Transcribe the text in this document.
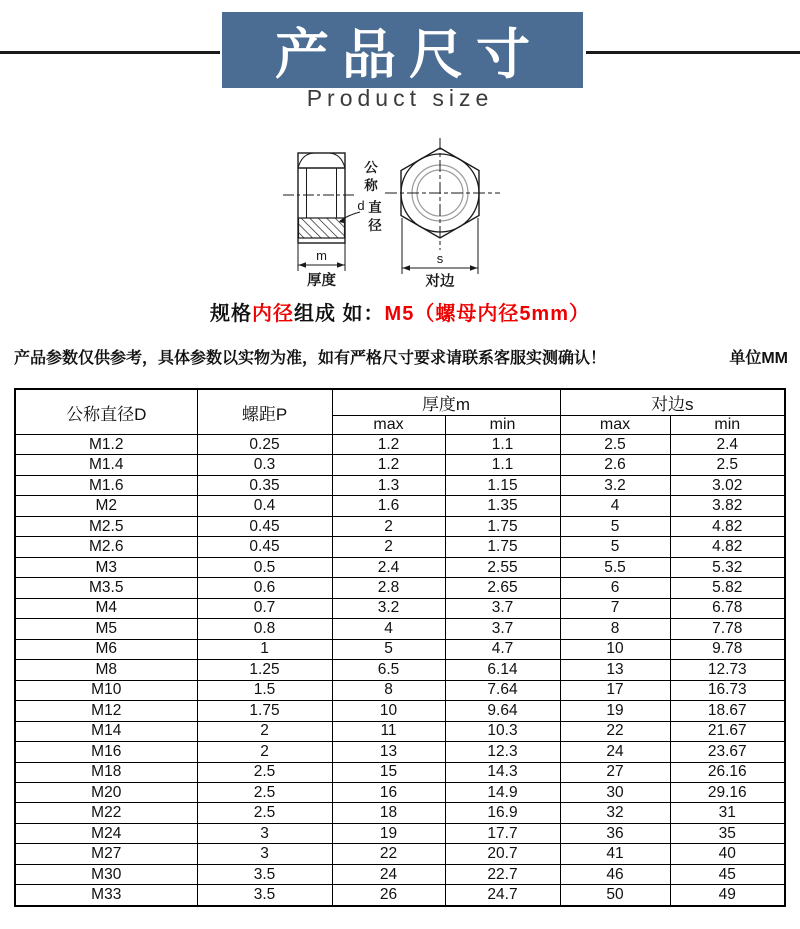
产品尺寸
Product size
m
厚度
d
公
称
直
径
s
对边
规格内径组成 如：M5（螺母内径5mm）
产品参数仅供参考，具体参数以实物为准，如有严格尺寸要求请联系客服实测确认！	单位MM
公称直径D	螺距P	厚度m		对边s	
		max	min	max	min
M1.2	0.25	1.2	1.1	2.5	2.4
M1.4	0.3	1.2	1.1	2.6	2.5
M1.6	0.35	1.3	1.15	3.2	3.02
M2	0.4	1.6	1.35	4	3.82
M2.5	0.45	2	1.75	5	4.82
M2.6	0.45	2	1.75	5	4.82
M3	0.5	2.4	2.55	5.5	5.32
M3.5	0.6	2.8	2.65	6	5.82
M4	0.7	3.2	3.7	7	6.78
M5	0.8	4	3.7	8	7.78
M6	1	5	4.7	10	9.78
M8	1.25	6.5	6.14	13	12.73
M10	1.5	8	7.64	17	16.73
M12	1.75	10	9.64	19	18.67
M14	2	11	10.3	22	21.67
M16	2	13	12.3	24	23.67
M18	2.5	15	14.3	27	26.16
M20	2.5	16	14.9	30	29.16
M22	2.5	18	16.9	32	31
M24	3	19	17.7	36	35
M27	3	22	20.7	41	40
M30	3.5	24	22.7	46	45
M33	3.5	26	24.7	50	49
